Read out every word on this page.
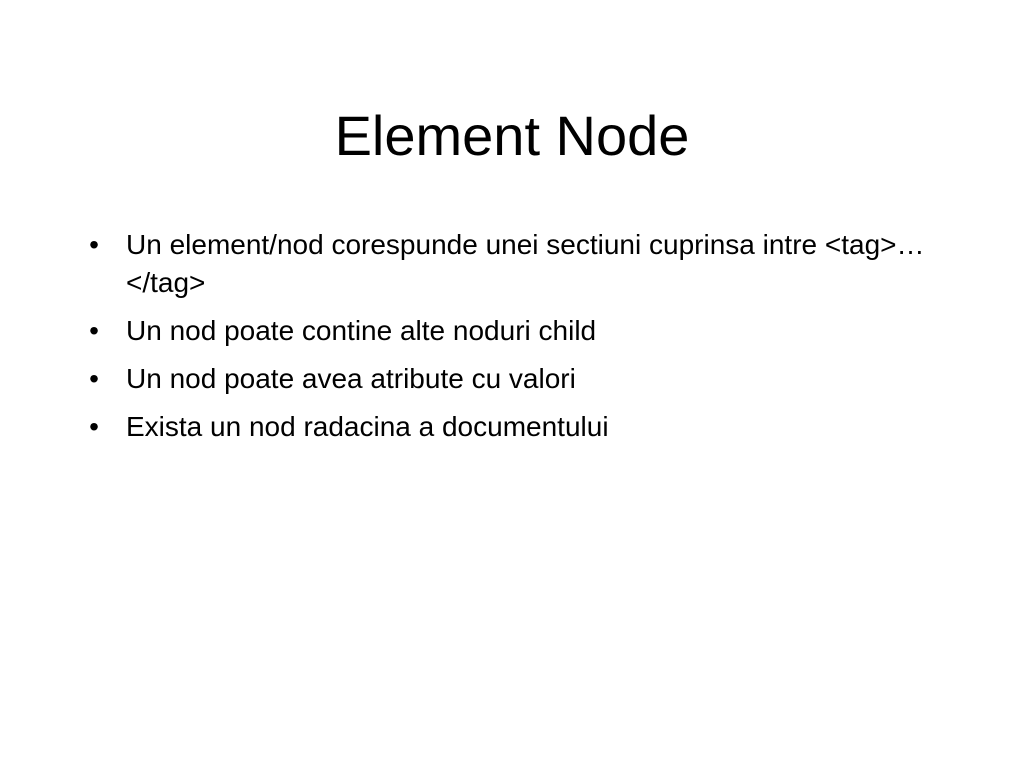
Element Node
• Un element/nod corespunde unei sectiuni cuprinsa intre <tag>… </tag>
• Un nod poate contine alte noduri child
• Un nod poate avea atribute cu valori
• Exista un nod radacina a documentului
